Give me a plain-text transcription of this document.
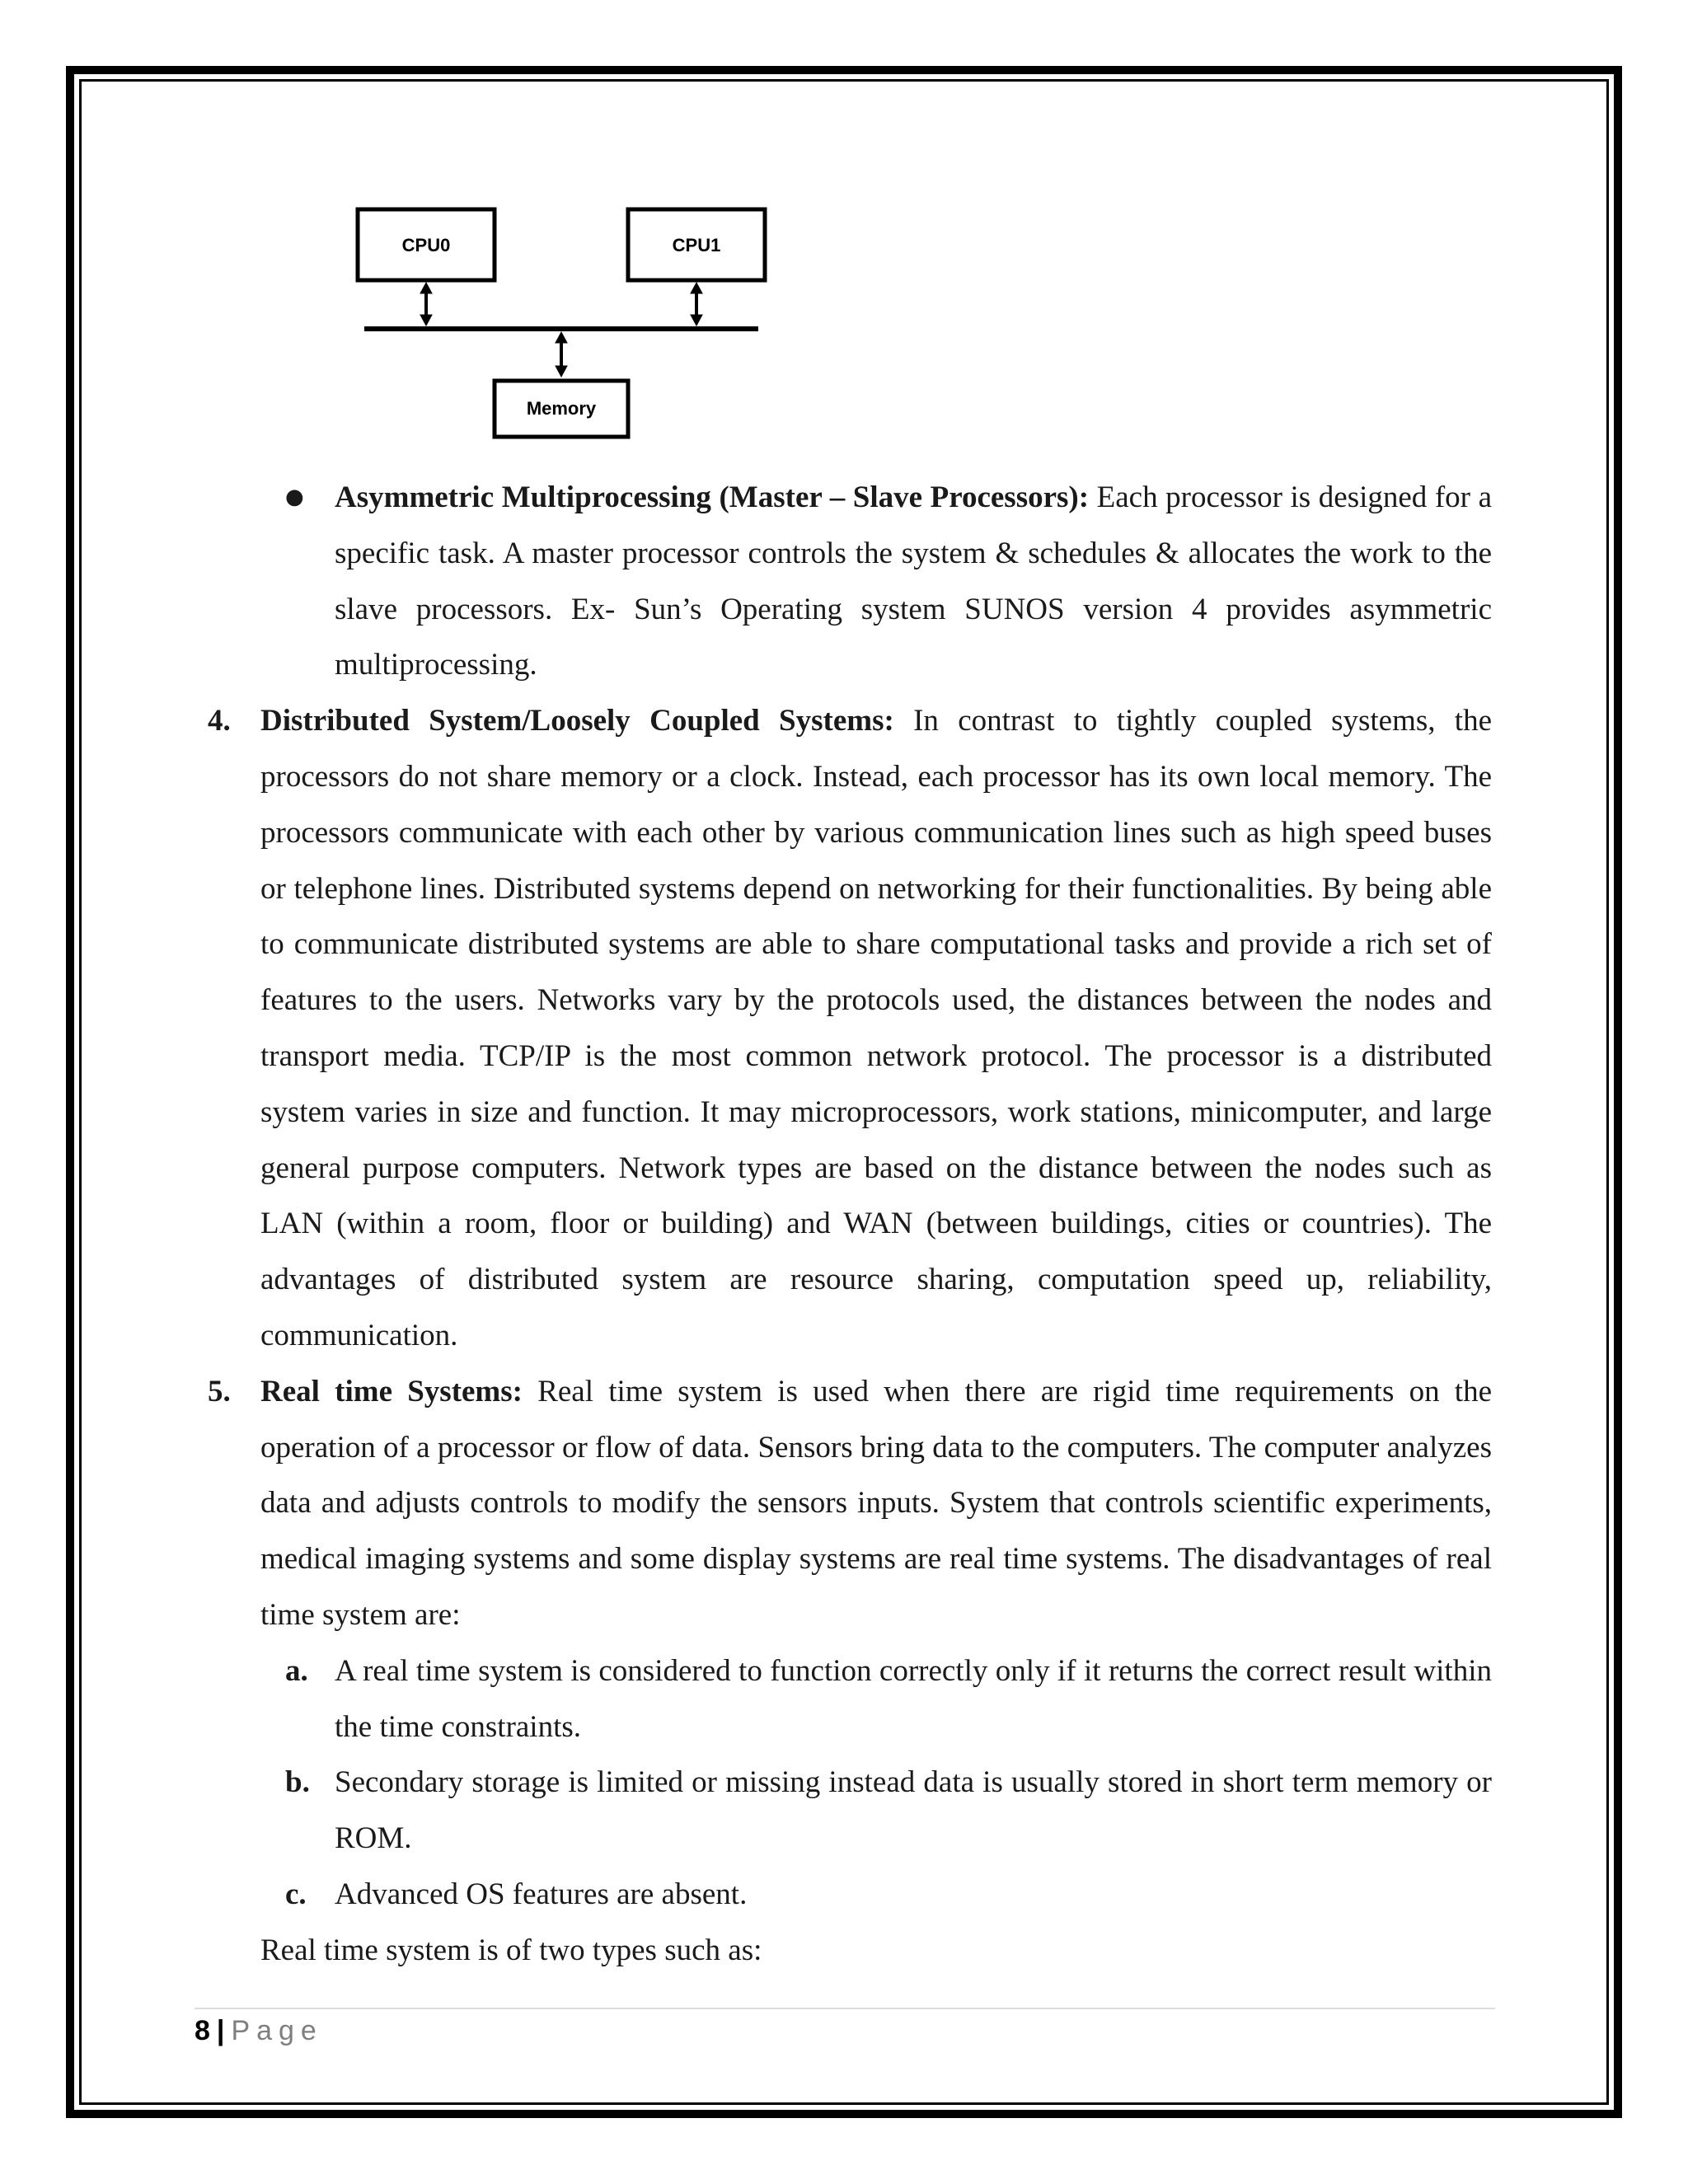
CPU0	CPU1
Memory
● Asymmetric Multiprocessing (Master – Slave Processors): Each processor is designed for a specific task. A master processor controls the system & schedules & allocates the work to the slave processors. Ex- Sun’s Operating system SUNOS version 4 provides asymmetric multiprocessing.
4. Distributed System/Loosely Coupled Systems: In contrast to tightly coupled systems, the processors do not share memory or a clock. Instead, each processor has its own local memory. The processors communicate with each other by various communication lines such as high speed buses or telephone lines. Distributed systems depend on networking for their functionalities. By being able to communicate distributed systems are able to share computational tasks and provide a rich set of features to the users. Networks vary by the protocols used, the distances between the nodes and transport media. TCP/IP is the most common network protocol. The processor is a distributed system varies in size and function. It may microprocessors, work stations, minicomputer, and large general purpose computers. Network types are based on the distance between the nodes such as LAN (within a room, floor or building) and WAN (between buildings, cities or countries). The advantages of distributed system are resource sharing, computation speed up, reliability, communication.
5. Real time Systems: Real time system is used when there are rigid time requirements on the operation of a processor or flow of data. Sensors bring data to the computers. The computer analyzes data and adjusts controls to modify the sensors inputs. System that controls scientific experiments, medical imaging systems and some display systems are real time systems. The disadvantages of real time system are:
a. A real time system is considered to function correctly only if it returns the correct result within the time constraints.
b. Secondary storage is limited or missing instead data is usually stored in short term memory or ROM.
c. Advanced OS features are absent.
Real time system is of two types such as:
8 | Page
